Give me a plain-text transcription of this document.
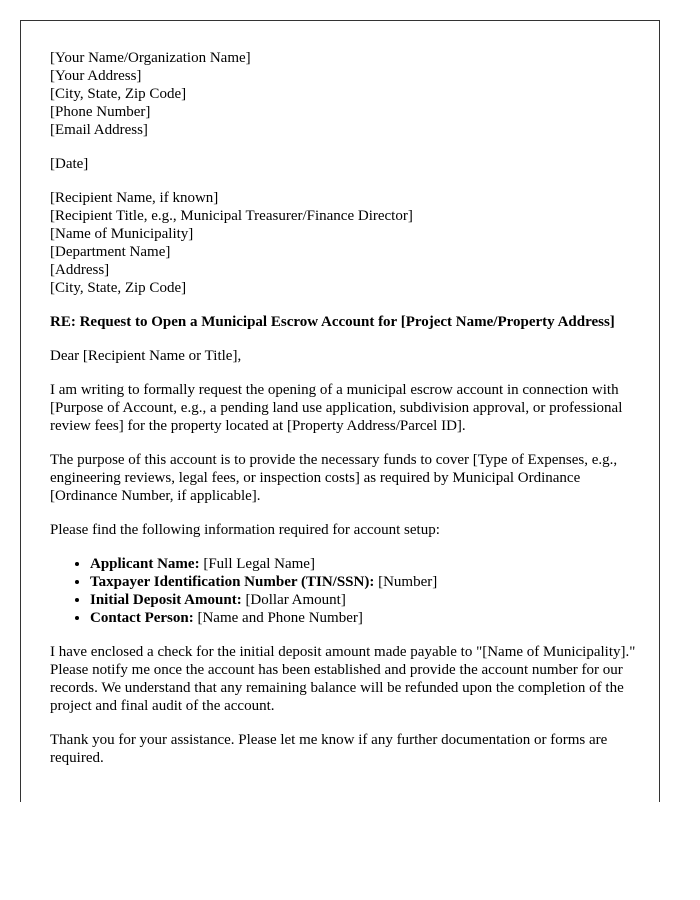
[Your Name/Organization Name]
[Your Address]
[City, State, Zip Code]
[Phone Number]
[Email Address]
[Date]
[Recipient Name, if known]
[Recipient Title, e.g., Municipal Treasurer/Finance Director]
[Name of Municipality]
[Department Name]
[Address]
[City, State, Zip Code]
RE: Request to Open a Municipal Escrow Account for [Project Name/Property Address]

Dear [Recipient Name or Title],

I am writing to formally request the opening of a municipal escrow account in connection with [Purpose of Account, e.g., a pending land use application, subdivision approval, or professional review fees] for the property located at [Property Address/Parcel ID].

The purpose of this account is to provide the necessary funds to cover [Type of Expenses, e.g., engineering reviews, legal fees, or inspection costs] as required by Municipal Ordinance [Ordinance Number, if applicable].

Please find the following information required for account setup:

• Applicant Name: [Full Legal Name]
• Taxpayer Identification Number (TIN/SSN): [Number]
• Initial Deposit Amount: [Dollar Amount]
• Contact Person: [Name and Phone Number]

I have enclosed a check for the initial deposit amount made payable to "[Name of Municipality]." Please notify me once the account has been established and provide the account number for our records. We understand that any remaining balance will be refunded upon the completion of the project and final audit of the account.

Thank you for your assistance. Please let me know if any further documentation or forms are required.
